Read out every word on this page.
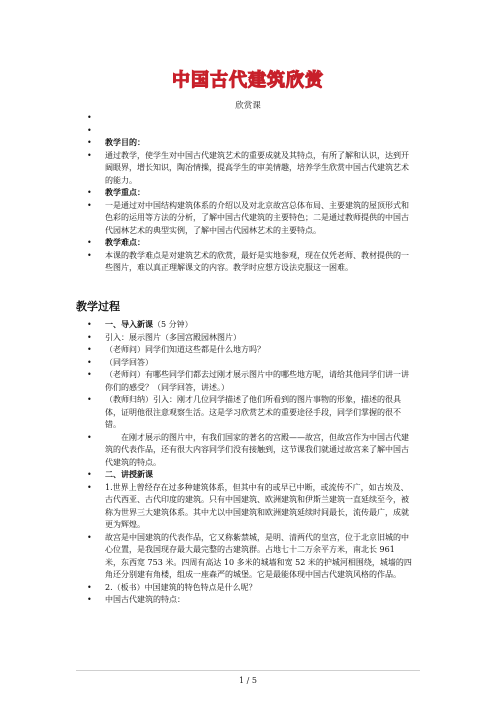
中国古代建筑欣赏
欣赏课
•

•

• 教学目的：
• 通过教学，使学生对中国古代建筑艺术的重要成就及其特点，有所了解和认识，达到开阔眼界，增长知识，陶冶情操，提高学生的审美情趣，培养学生欣赏中国古代建筑艺术的能力。
• 教学重点：
• 一是通过对中国结构建筑体系的介绍以及对北京故宫总体布局、主要建筑的屋顶形式和色彩的运用等方法的分析，了解中国古代建筑的主要特色；二是通过教师提供的中国古代园林艺术的典型实例，了解中国古代园林艺术的主要特点。
• 教学难点：
• 本课的教学难点是对建筑艺术的欣赏，最好是实地参观，现在仅凭老师、教材提供的一些图片，难以真正理解课文的内容。教学时应想方设法克服这一困难。
教学过程
• 一、导入新课（5 分钟）
• 引入：展示图片（多国宫殿园林图片）
• （老师问）同学们知道这些都是什么地方吗？
• （同学回答）
• （老师问）有哪些同学们都去过刚才展示图片中的哪些地方呢，请给其他同学们讲一讲你们的感受？（同学回答，讲述。）
• （教师归纳）引入：刚才几位同学描述了他们所看到的图片事物的形象，描述的很具体，证明他很注意观察生活。这是学习欣赏艺术的重要途径手段，同学们掌握的很不错。
• 　　在刚才展示的图片中，有我们国家的著名的宫殿——故宫，但故宫作为中国古代建筑的代表作品，还有很大内容同学们没有接触到，这节课我们就通过故宫来了解中国古代建筑的特点。
• 二、讲授新课
• 1.世界上曾经存在过多种建筑体系，但其中有的或早已中断，或流传不广，如古埃及、古代西亚、古代印度的建筑。只有中国建筑、欧洲建筑和伊斯兰建筑一直延续至今，被称为世界三大建筑体系。其中尤以中国建筑和欧洲建筑延续时间最长，流传最广，成就更为辉煌。
• 故宫是中国建筑的代表作品，它又称紫禁城，是明、清两代的皇宫，位于北京旧城的中心位置，是我国现存最大最完整的古建筑群。占地七十二万余平方米，南北长 961 米，东西宽 753 米。四周有高达 10 多米的城墙和宽 52 米的护城河相围绕，城墙的四角还分别建有角楼，组成一座森严的城堡。它是最能体现中国古代建筑风格的作品。
• 2.（板书）中国建筑的特色特点是什么呢？
• 中国古代建筑的特点：
1 / 5
